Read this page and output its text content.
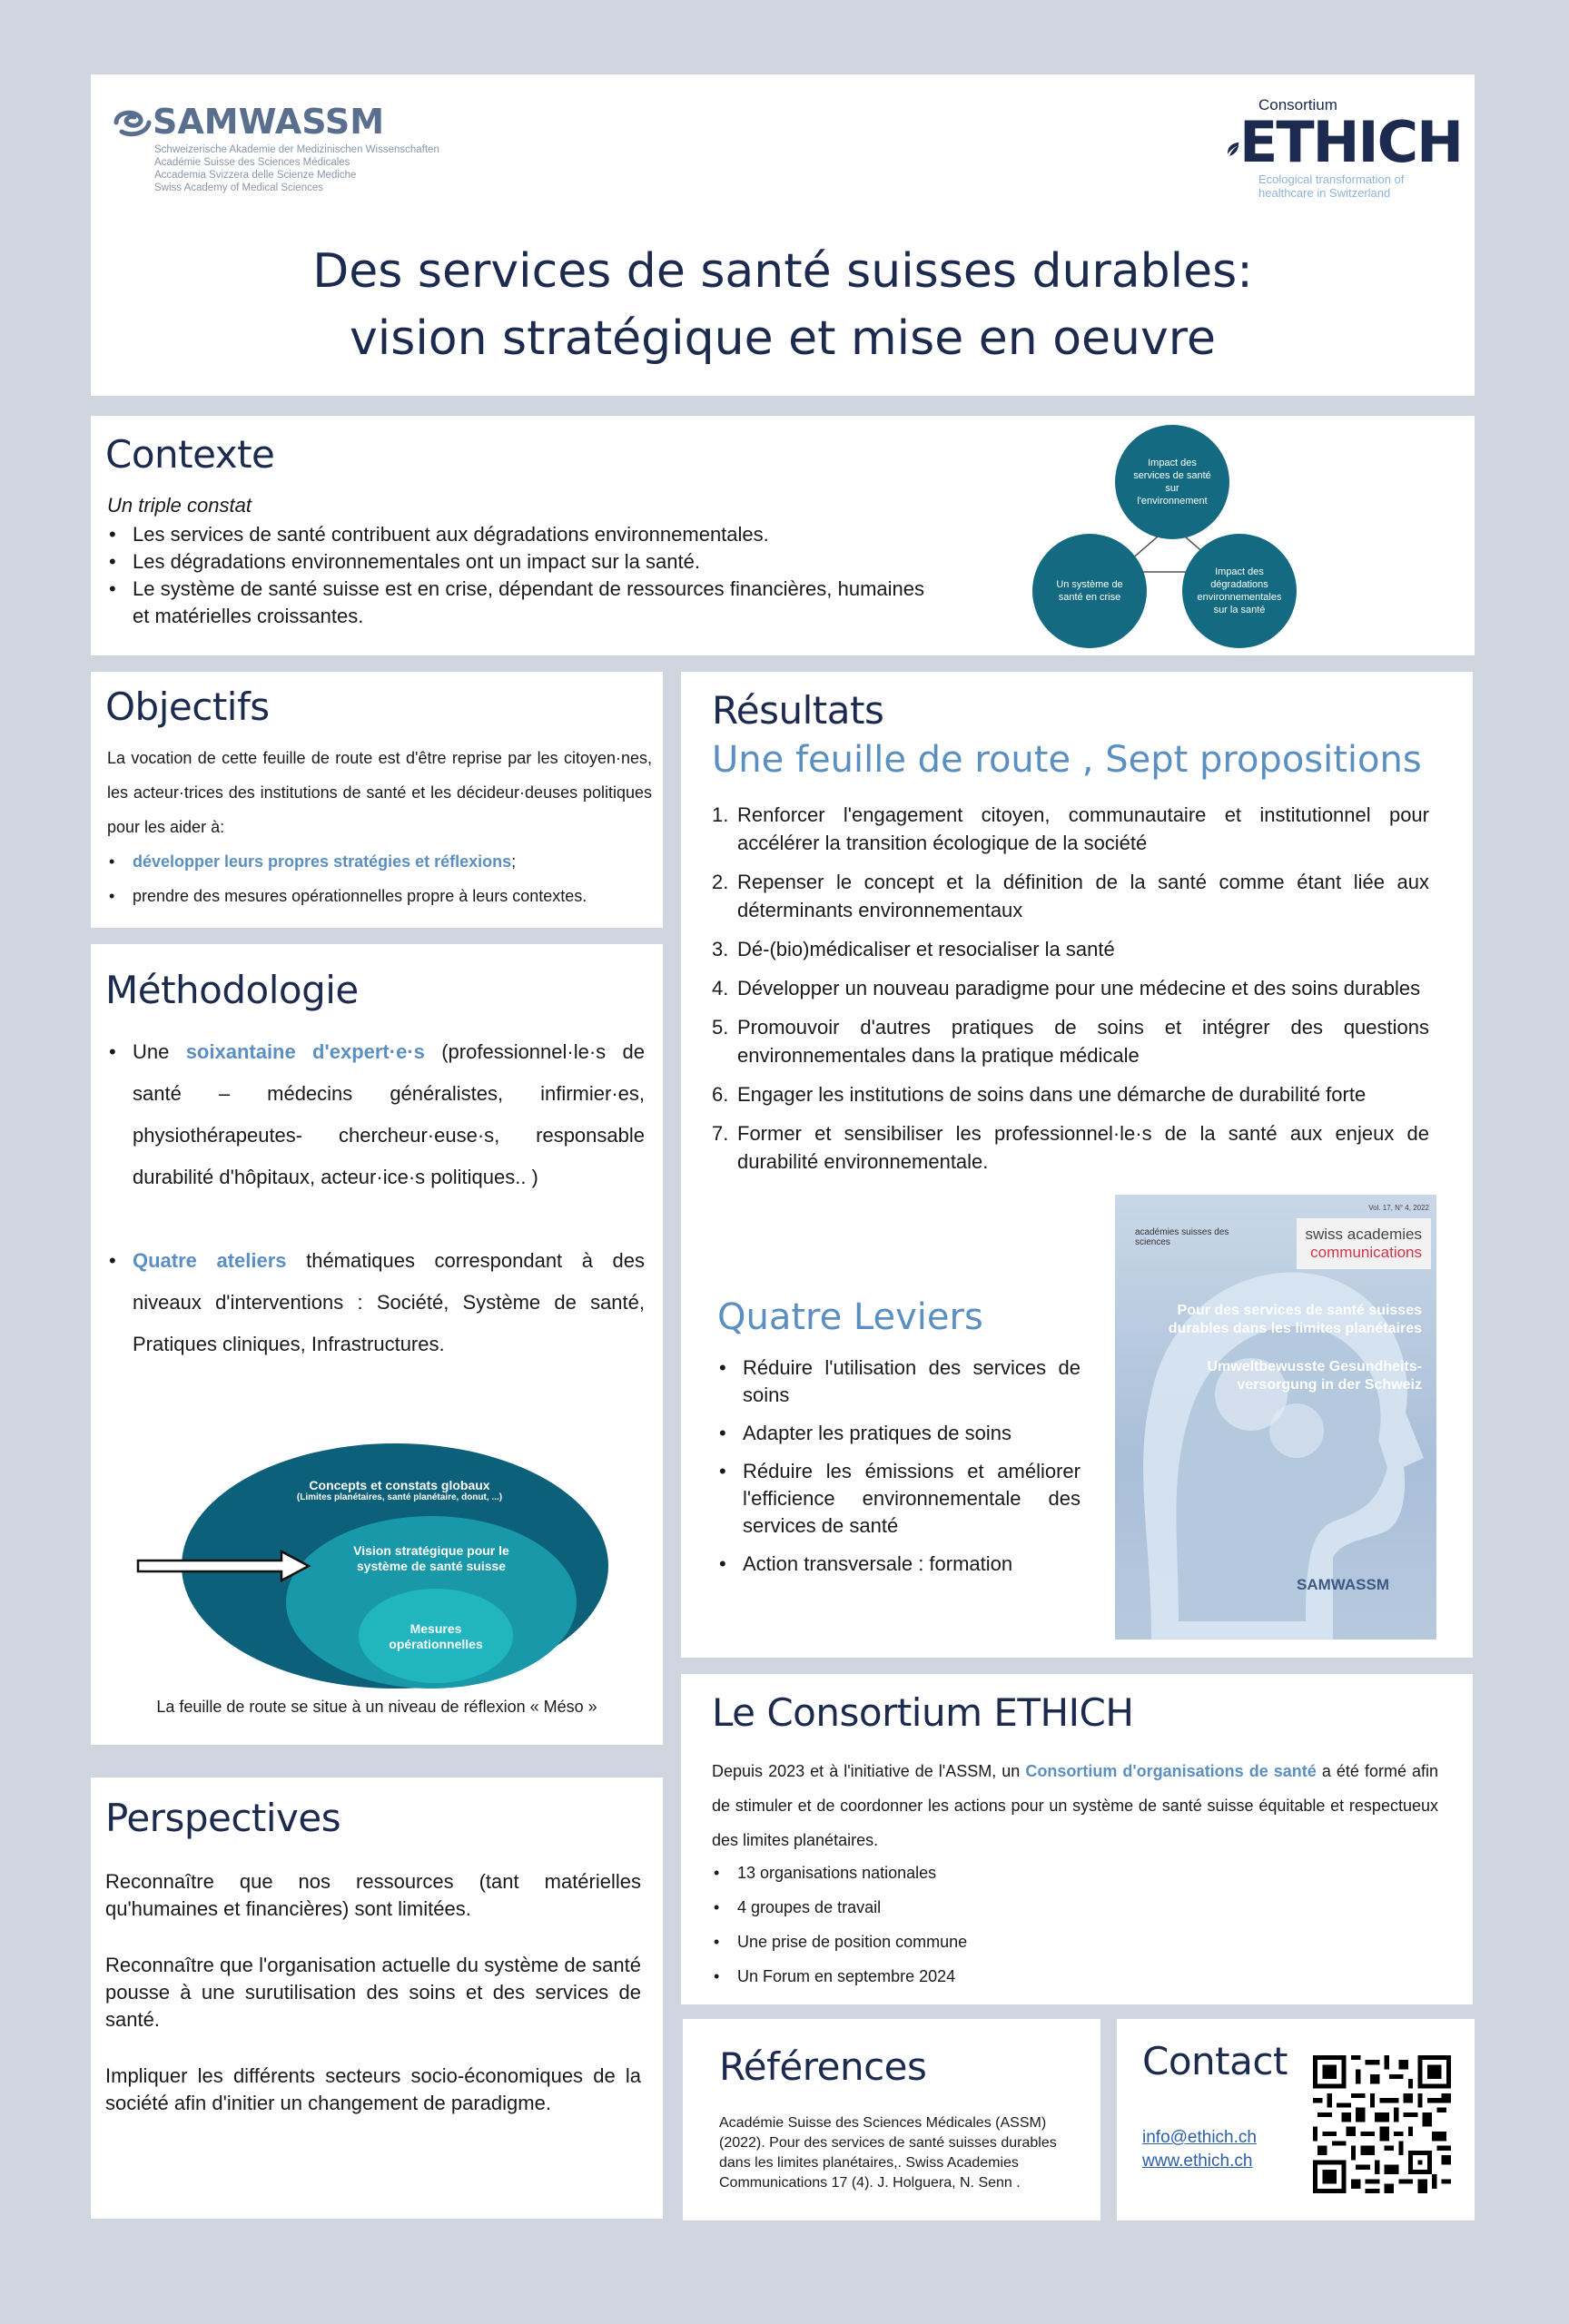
SAMWASSM
Schweizerische Akademie der Medizinischen Wissenschaften
Académie Suisse des Sciences Médicales
Accademia Svizzera delle Scienze Mediche
Swiss Academy of Medical Sciences
Consortium
ETHICH
Ecological transformation of
healthcare in Switzerland
Des services de santé suisses durables:
vision stratégique et mise en oeuvre
Contexte
Un triple constat
• Les services de santé contribuent aux dégradations environnementales.
• Les dégradations environnementales ont un impact sur la santé.
• Le système de santé suisse est en crise, dépendant de ressources financières, humaines et matérielles croissantes.
Impact des services de santé sur l'environnement
Un système de santé en crise
Impact des dégradations environnementales sur la santé
Objectifs
La vocation de cette feuille de route est d'être reprise par les citoyen·nes, les acteur·trices des institutions de santé et les décideur·deuses politiques pour les aider à:
• développer leurs propres stratégies et réflexions;
• prendre des mesures opérationnelles propre à leurs contextes.
Méthodologie
• Une soixantaine d'expert·e·s (professionnel·le·s de santé – médecins généralistes, infirmier·es, physiothérapeutes- chercheur·euse·s, responsable durabilité d'hôpitaux, acteur·ice·s politiques.. )
• Quatre ateliers thématiques correspondant à des niveaux d'interventions : Société, Système de santé, Pratiques cliniques, Infrastructures.
Concepts et constats globaux
(Limites planétaires, santé planétaire, donut, ...)
Vision stratégique pour le système de santé suisse
Mesures opérationnelles
La feuille de route se situe à un niveau de réflexion « Méso »
Perspectives

Reconnaître que nos ressources (tant matérielles qu'humaines et financières) sont limitées.

Reconnaître que l'organisation actuelle du système de santé pousse à une surutilisation des soins et des services de santé.

Impliquer les différents secteurs socio-économiques de la société afin d'initier un changement de paradigme.

Résultats
Une feuille de route , Sept propositions
1. Renforcer l'engagement citoyen, communautaire et institutionnel pour accélérer la transition écologique de la société
2. Repenser le concept et la définition de la santé comme étant liée aux déterminants environnementaux
3. Dé-(bio)médicaliser et resocialiser la santé
4. Développer un nouveau paradigme pour une médecine et des soins durables
5. Promouvoir d'autres pratiques de soins et intégrer des questions environnementales dans la pratique médicale
6. Engager les institutions de soins dans une démarche de durabilité forte
7. Former et sensibiliser les professionnel·le·s de la santé aux enjeux de durabilité environnementale.
Quatre Leviers
• Réduire l'utilisation des services de soins
• Adapter les pratiques de soins
• Réduire les émissions et améliorer l'efficience environnementale des services de santé
• Action transversale : formation
académies suisses des sciences
Vol. 17, N° 4, 2022
swiss academies
communications
Pour des services de santé suisses durables dans les limites planétaires
Umweltbewusste Gesundheits-versorgung in der Schweiz
SAMWASSM
Le Consortium ETHICH
Depuis 2023 et à l'initiative de l'ASSM, un Consortium d'organisations de santé a été formé afin de stimuler et de coordonner les actions pour un système de santé suisse équitable et respectueux des limites planétaires.
• 13 organisations nationales
• 4 groupes de travail
• Une prise de position commune
• Un Forum en septembre 2024
Références
Académie Suisse des Sciences Médicales (ASSM) (2022). Pour des services de santé suisses durables dans les limites planétaires,. Swiss Academies Communications 17 (4). J. Holguera, N. Senn .
Contact
info@ethich.ch
www.ethich.ch
